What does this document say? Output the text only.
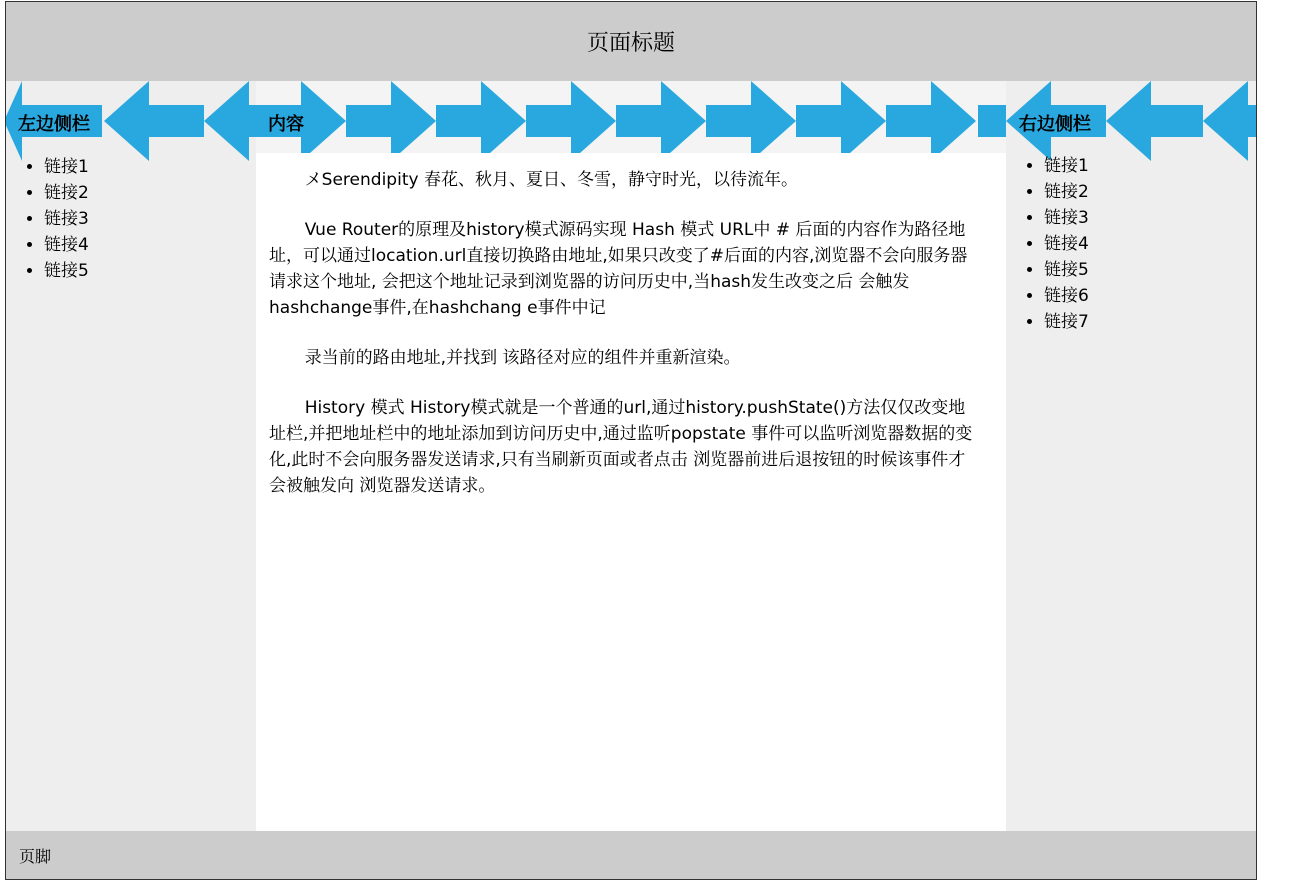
页面标题
左边侧栏
• 链接1
• 链接2
• 链接3
• 链接4
• 链接5
内容

メSerendipity 春花、秋月、夏日、冬雪，静守时光，以待流年。

Vue Router的原理及history模式源码实现 Hash 模式 URL中 # 后面的内容作为路径地址，可以通过location.url直接切换路由地址,如果只改变了#后面的内容,浏览器不会向服务器请求这个地址, 会把这个地址记录到浏览器的访问历史中,当hash发生改变之后 会触发hashchange事件,在hashchang e事件中记

录当前的路由地址,并找到 该路径对应的组件并重新渲染。

History 模式 History模式就是一个普通的url,通过history.pushState()方法仅仅改变地址栏,并把地址栏中的地址添加到访问历史中,通过监听popstate 事件可以监听浏览器数据的变化,此时不会向服务器发送请求,只有当刷新页面或者点击 浏览器前进后退按钮的时候该事件才会被触发向 浏览器发送请求。

右边侧栏
• 链接1
• 链接2
• 链接3
• 链接4
• 链接5
• 链接6
• 链接7
页脚
